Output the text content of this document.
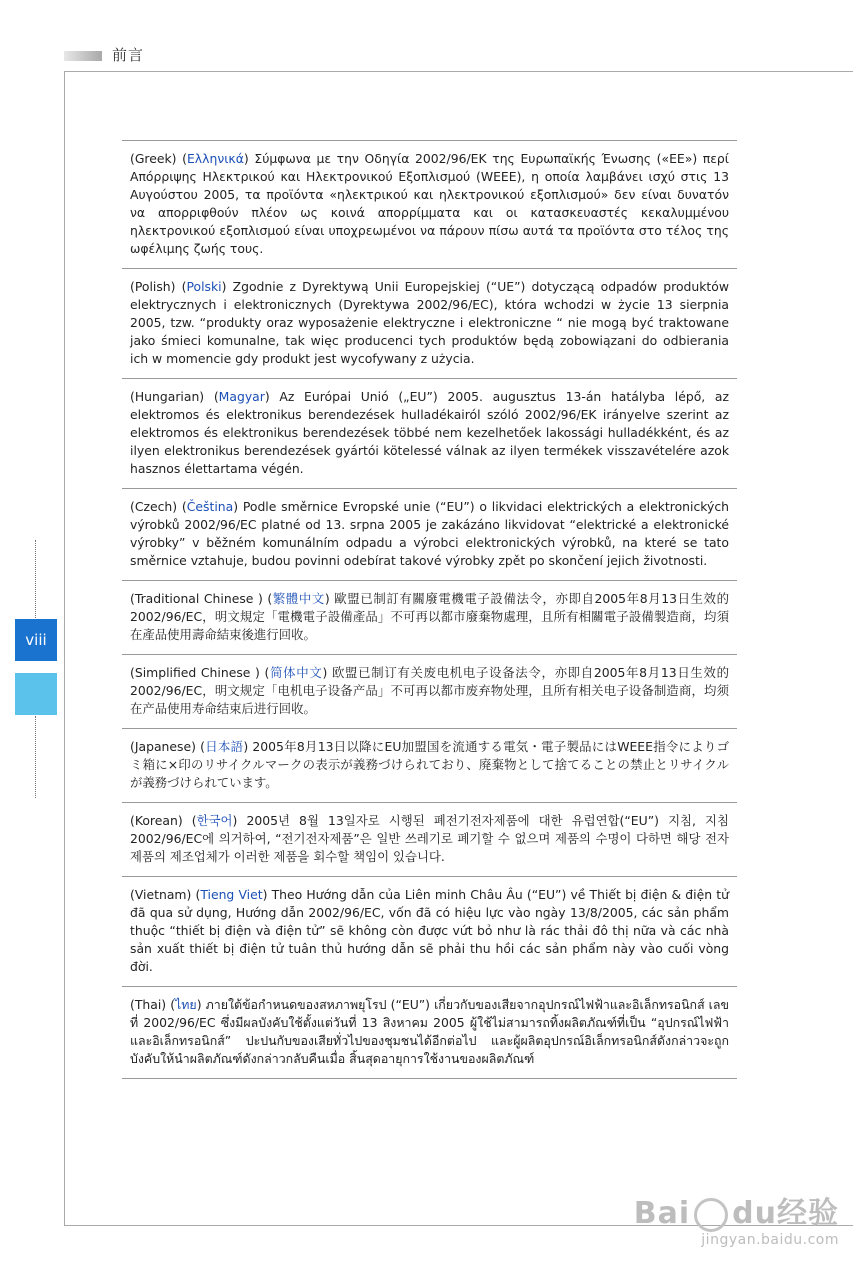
前言
viii
(Greek) (Ελληνικά) Σύμφωνα με την Οδηγία 2002/96/ΕΚ της Ευρωπαϊκής Ένωσης («ΕΕ») περί Απόρριψης Ηλεκτρικού και Ηλεκτρονικού Εξοπλισμού (WEEE), η οποία λαμβάνει ισχύ στις 13 Αυγούστου 2005, τα προϊόντα «ηλεκτρικού και ηλεκτρονικού εξοπλισμού» δεν είναι δυνατόν να απορριφθούν πλέον ως κοινά απορρίμματα και οι κατασκευαστές κεκαλυμμένου ηλεκτρονικού εξοπλισμού είναι υποχρεωμένοι να πάρουν πίσω αυτά τα προϊόντα στο τέλος της ωφέλιμης ζωής τους.
(Polish) (Polski) Zgodnie z Dyrektywą Unii Europejskiej (“UE”) dotyczącą odpadów produktów elektrycznych i elektronicznych (Dyrektywa 2002/96/EC), która wchodzi w życie 13 sierpnia 2005, tzw. “produkty oraz wyposażenie elektryczne i elektroniczne “ nie mogą być traktowane jako śmieci komunalne, tak więc producenci tych produktów będą zobowiązani do odbierania ich w momencie gdy produkt jest wycofywany z użycia.
(Hungarian) (Magyar) Az Európai Unió („EU”) 2005. augusztus 13-án hatályba lépő, az elektromos és elektronikus berendezések hulladékairól szóló 2002/96/EK irányelve szerint az elektromos és elektronikus berendezések többé nem kezelhetőek lakossági hulladékként, és az ilyen elektronikus berendezések gyártói kötelessé válnak az ilyen termékek visszavételére azok hasznos élettartama végén.
(Czech) (Čeština) Podle směrnice Evropské unie (“EU”) o likvidaci elektrických a elektronických výrobků 2002/96/EC platné od 13. srpna 2005 je zakázáno likvidovat “elektrické a elektronické výrobky” v běžném komunálním odpadu a výrobci elektronických výrobků, na které se tato směrnice vztahuje, budou povinni odebírat takové výrobky zpět po skončení jejich životnosti.
(Traditional Chinese ) (繁體中文) 歐盟已制訂有關廢電機電子設備法令，亦即自2005年8月13日生效的2002/96/EC，明文規定「電機電子設備產品」不可再以都市廢棄物處理，且所有相關電子設備製造商，均須在產品使用壽命結束後進行回收。
(Simplified Chinese ) (简体中文) 欧盟已制订有关废电机电子设备法令，亦即自2005年8月13日生效的2002/96/EC，明文规定「电机电子设备产品」不可再以都市废弃物处理，且所有相关电子设备制造商，均须在产品使用寿命结束后进行回收。
(Japanese) (日本語) 2005年8月13日以降にEU加盟国を流通する電気・電子製品にはWEEE指令によりゴミ箱に×印のリサイクルマークの表示が義務づけられており、廃棄物として捨てることの禁止とリサイクルが義務づけられています。
(Korean) (한국어) 2005년 8월 13일자로 시행된 폐전기전자제품에 대한 유럽연합(“EU”) 지침, 지침 2002/96/EC에 의거하여, “전기전자제품”은 일반 쓰레기로 폐기할 수 없으며 제품의 수명이 다하면 해당 전자제품의 제조업체가 이러한 제품을 회수할 책임이 있습니다.
(Vietnam) (Tieng Viet) Theo Hướng dẫn của Liên minh Châu Âu (“EU”) về Thiết bị điện & điện tử đã qua sử dụng, Hướng dẫn 2002/96/EC, vốn đã có hiệu lực vào ngày 13/8/2005, các sản phẩm thuộc “thiết bị điện và điện tử” sẽ không còn được vứt bỏ như là rác thải đô thị nữa và các nhà sản xuất thiết bị điện tử tuân thủ hướng dẫn sẽ phải thu hồi các sản phẩm này vào cuối vòng đời.
(Thai) (ไทย) ภายใต้ข้อกำหนดของสหภาพยุโรป (“EU”) เกี่ยวกับของเสียจากอุปกรณ์ไฟฟ้าและอิเล็กทรอนิกส์ เลขที่ 2002/96/EC ซึ่งมีผลบังคับใช้ตั้งแต่วันที่ 13 สิงหาคม 2005 ผู้ใช้ไม่สามารถทิ้งผลิตภัณฑ์ที่เป็น “อุปกรณ์ไฟฟ้าและอิเล็กทรอนิกส์” ปะปนกับของเสียทั่วไปของชุมชนได้อีกต่อไป และผู้ผลิตอุปกรณ์อิเล็กทรอนิกส์ดังกล่าวจะถูกบังคับให้นำผลิตภัณฑ์ดังกล่าวกลับคืนเมื่อ สิ้นสุดอายุการใช้งานของผลิตภัณฑ์
Bai du经验
jingyan.baidu.com
